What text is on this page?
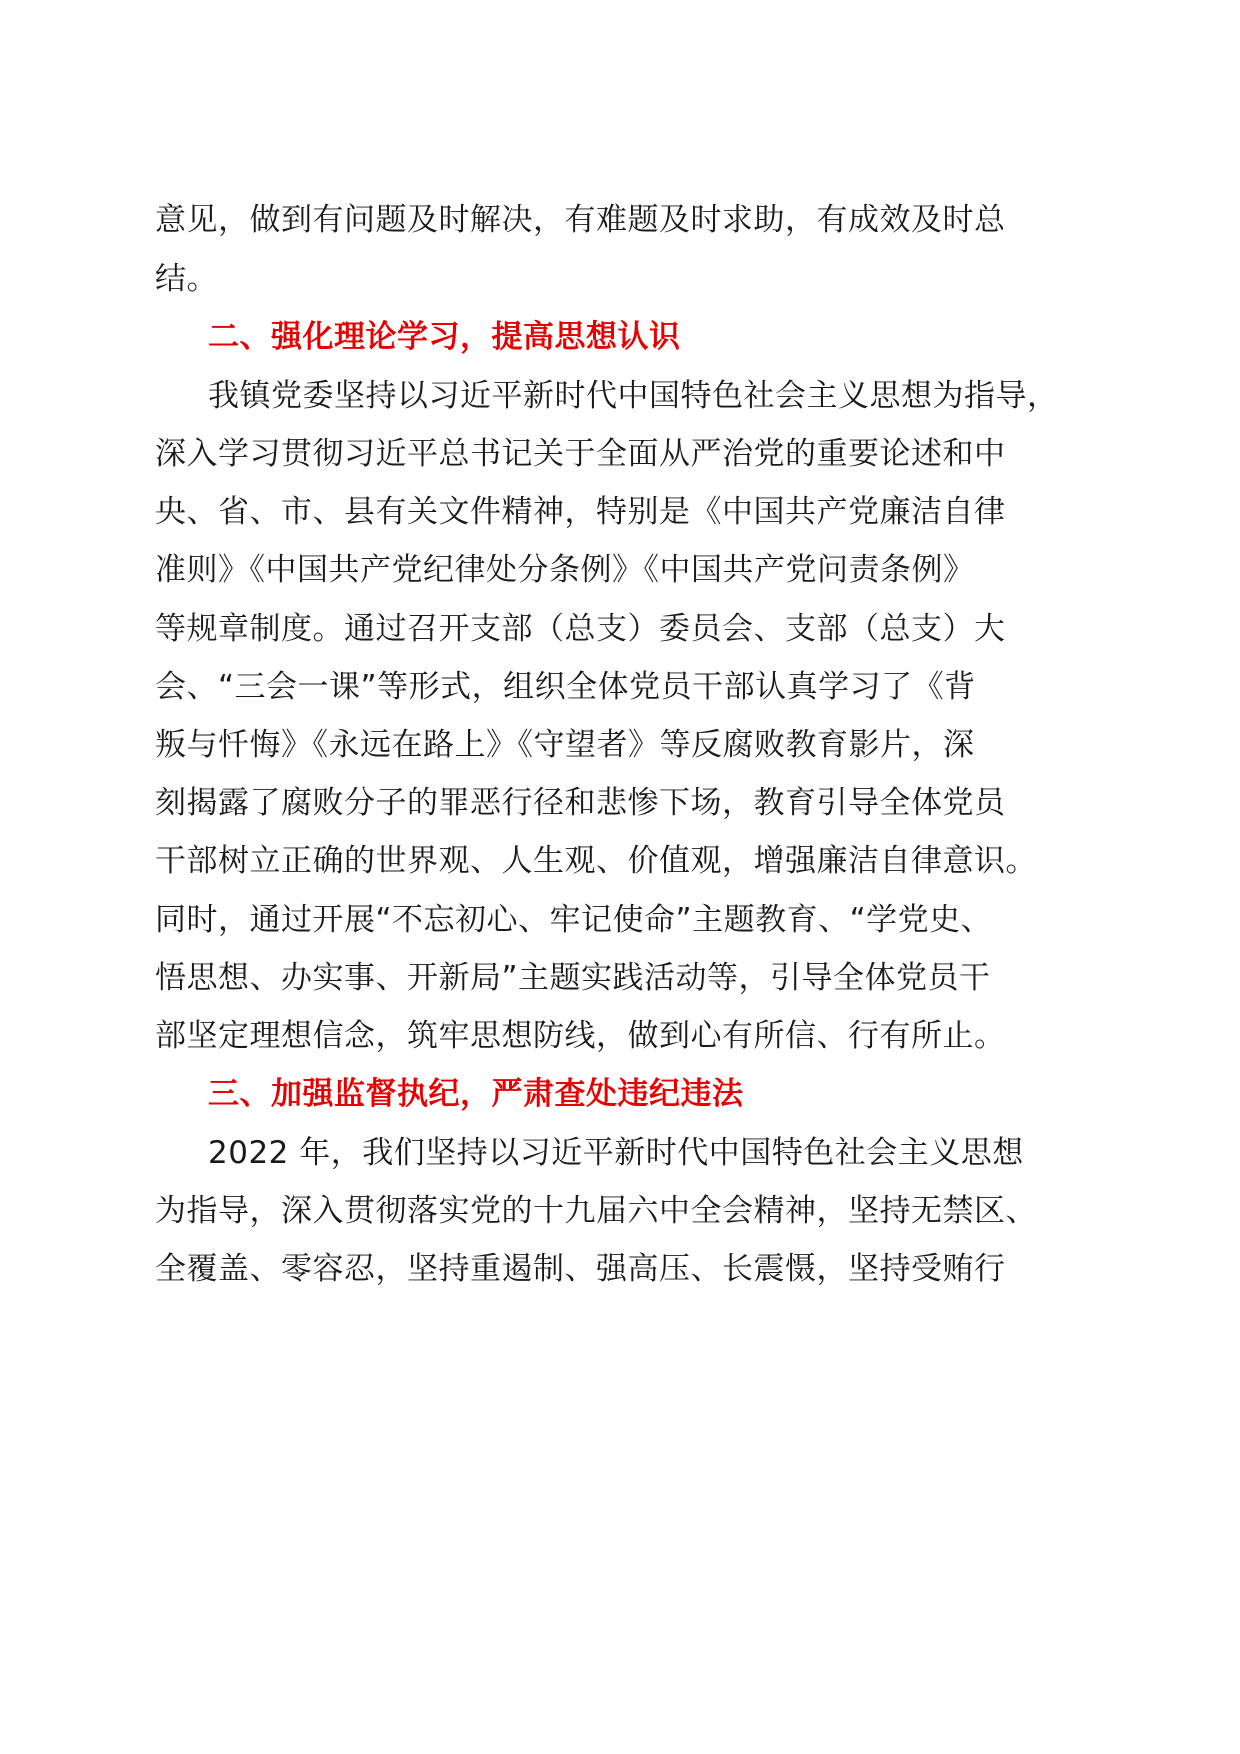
意见，做到有问题及时解决，有难题及时求助，有成效及时总
结。
二、强化理论学习，提高思想认识
我镇党委坚持以习近平新时代中国特色社会主义思想为指导，
深入学习贯彻习近平总书记关于全面从严治党的重要论述和中
央、省、市、县有关文件精神，特别是《中国共产党廉洁自律
准则》《中国共产党纪律处分条例》《中国共产党问责条例》
等规章制度。通过召开支部（总支）委员会、支部（总支）大
会、“三会一课”等形式，组织全体党员干部认真学习了《背
叛与忏悔》《永远在路上》《守望者》等反腐败教育影片，深
刻揭露了腐败分子的罪恶行径和悲惨下场，教育引导全体党员
干部树立正确的世界观、人生观、价值观，增强廉洁自律意识。
同时，通过开展“不忘初心、牢记使命”主题教育、“学党史、
悟思想、办实事、开新局”主题实践活动等，引导全体党员干
部坚定理想信念，筑牢思想防线，做到心有所信、行有所止。
三、加强监督执纪，严肃查处违纪违法
2022 年，我们坚持以习近平新时代中国特色社会主义思想
为指导，深入贯彻落实党的十九届六中全会精神，坚持无禁区、
全覆盖、零容忍，坚持重遏制、强高压、长震慑，坚持受贿行
